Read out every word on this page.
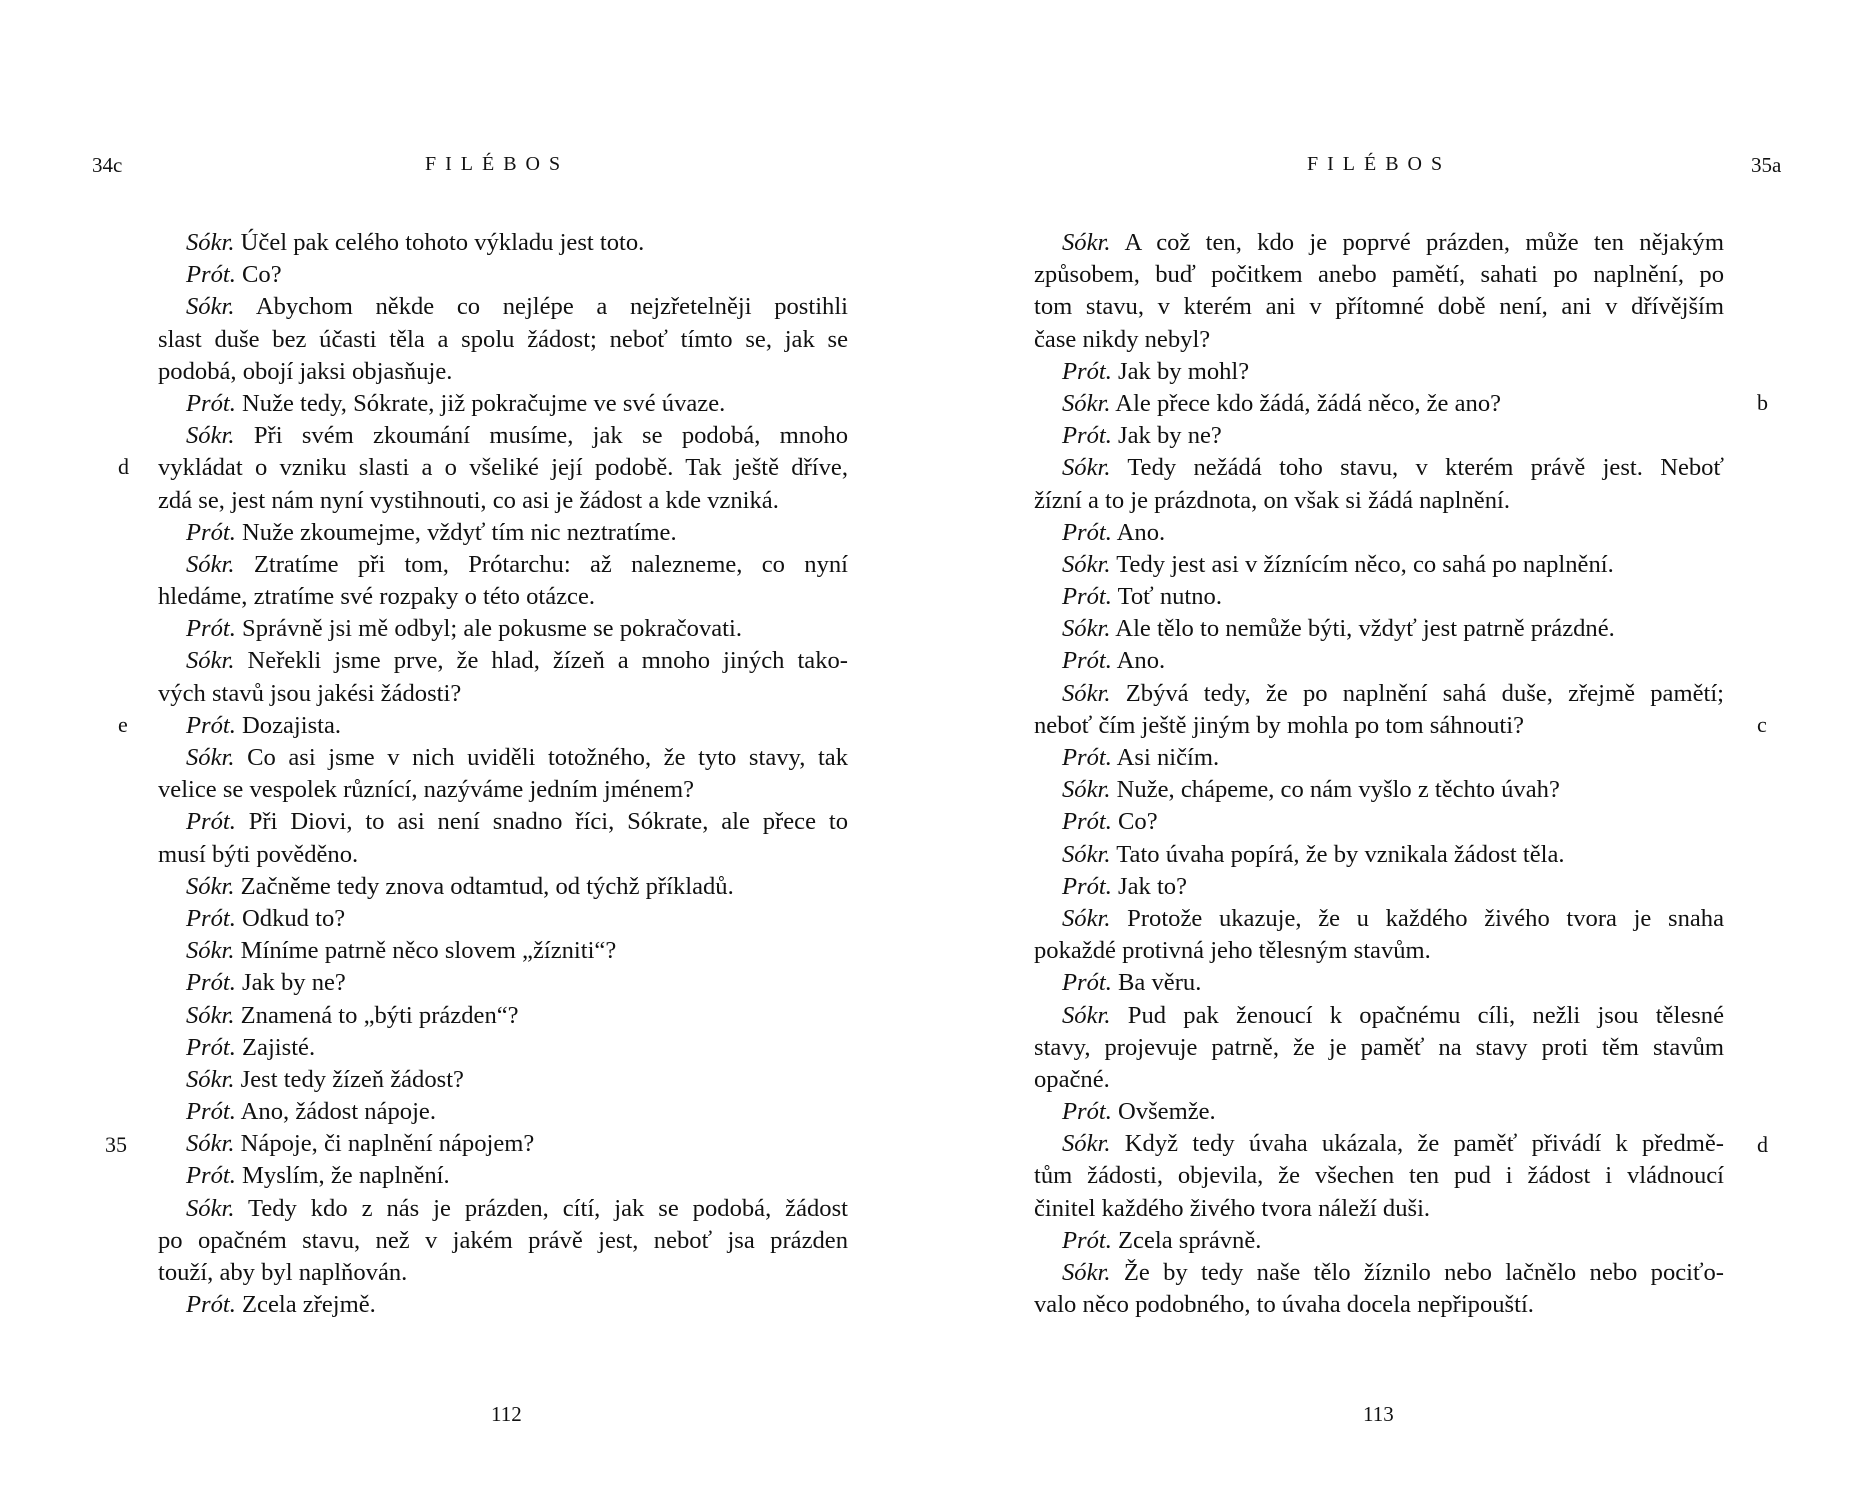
34c	FILÉBOS
d
e
35
Sókr. Účel pak celého tohoto výkladu jest toto.
Prót. Co?
Sókr. Abychom někde co nejlépe a nejzřetelněji postihli
slast duše bez účasti těla a spolu žádost; neboť tímto se, jak se
podobá, obojí jaksi objasňuje.
Prót. Nuže tedy, Sókrate, již pokračujme ve své úvaze.
Sókr. Při svém zkoumání musíme, jak se podobá, mnoho
vykládat o vzniku slasti a o všeliké její podobě. Tak ještě dříve,
zdá se, jest nám nyní vystihnouti, co asi je žádost a kde vzniká.
Prót. Nuže zkoumejme, vždyť tím nic neztratíme.
Sókr. Ztratíme při tom, Prótarchu: až nalezneme, co nyní
hledáme, ztratíme své rozpaky o této otázce.
Prót. Správně jsi mě odbyl; ale pokusme se pokračovati.
Sókr. Neřekli jsme prve, že hlad, žízeň a mnoho jiných tako-
vých stavů jsou jakési žádosti?
Prót. Dozajista.
Sókr. Co asi jsme v nich uviděli totožného, že tyto stavy, tak
velice se vespolek různící, nazýváme jedním jménem?
Prót. Při Diovi, to asi není snadno říci, Sókrate, ale přece to
musí býti pověděno.
Sókr. Začněme tedy znova odtamtud, od týchž příkladů.
Prót. Odkud to?
Sókr. Míníme patrně něco slovem „žízniti“?
Prót. Jak by ne?
Sókr. Znamená to „býti prázden“?
Prót. Zajisté.
Sókr. Jest tedy žízeň žádost?
Prót. Ano, žádost nápoje.
Sókr. Nápoje, či naplnění nápojem?
Prót. Myslím, že naplnění.
Sókr. Tedy kdo z nás je prázden, cítí, jak se podobá, žádost
po opačném stavu, než v jakém právě jest, neboť jsa prázden
touží, aby byl naplňován.
Prót. Zcela zřejmě.
112
FILÉBOS	35a
b
c
d
Sókr. A což ten, kdo je poprvé prázden, může ten nějakým
způsobem, buď počitkem anebo pamětí, sahati po naplnění, po
tom stavu, v kterém ani v přítomné době není, ani v dřívějším
čase nikdy nebyl?
Prót. Jak by mohl?
Sókr. Ale přece kdo žádá, žádá něco, že ano?
Prót. Jak by ne?
Sókr. Tedy nežádá toho stavu, v kterém právě jest. Neboť
žízní a to je prázdnota, on však si žádá naplnění.
Prót. Ano.
Sókr. Tedy jest asi v žíznícím něco, co sahá po naplnění.
Prót. Toť nutno.
Sókr. Ale tělo to nemůže býti, vždyť jest patrně prázdné.
Prót. Ano.
Sókr. Zbývá tedy, že po naplnění sahá duše, zřejmě pamětí;
neboť čím ještě jiným by mohla po tom sáhnouti?
Prót. Asi ničím.
Sókr. Nuže, chápeme, co nám vyšlo z těchto úvah?
Prót. Co?
Sókr. Tato úvaha popírá, že by vznikala žádost těla.
Prót. Jak to?
Sókr. Protože ukazuje, že u každého živého tvora je snaha
pokaždé protivná jeho tělesným stavům.
Prót. Ba věru.
Sókr. Pud pak ženoucí k opačnému cíli, nežli jsou tělesné
stavy, projevuje patrně, že je paměť na stavy proti těm stavům
opačné.
Prót. Ovšemže.
Sókr. Když tedy úvaha ukázala, že paměť přivádí k předmě-
tům žádosti, objevila, že všechen ten pud i žádost i vládnoucí
činitel každého živého tvora náleží duši.
Prót. Zcela správně.
Sókr. Že by tedy naše tělo žíznilo nebo lačnělo nebo pociťo-
valo něco podobného, to úvaha docela nepřipouští.
113
